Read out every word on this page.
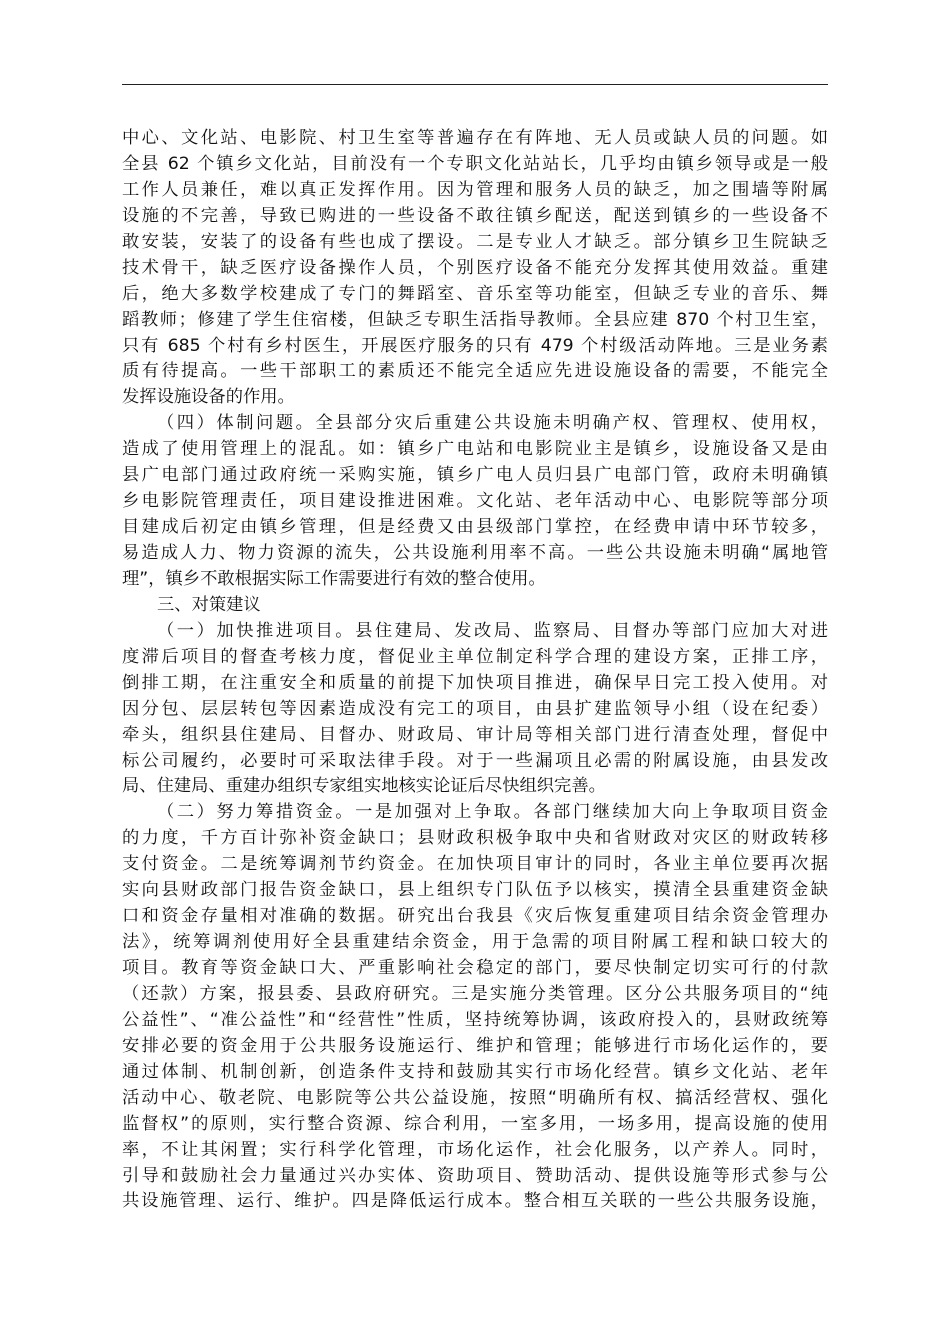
中心、文化站、电影院、村卫生室等普遍存在有阵地、无人员或缺人员的问题。如
全县 62 个镇乡文化站，目前没有一个专职文化站站长，几乎均由镇乡领导或是一般
工作人员兼任，难以真正发挥作用。因为管理和服务人员的缺乏，加之围墙等附属
设施的不完善，导致已购进的一些设备不敢往镇乡配送，配送到镇乡的一些设备不
敢安装，安装了的设备有些也成了摆设。二是专业人才缺乏。部分镇乡卫生院缺乏
技术骨干，缺乏医疗设备操作人员，个别医疗设备不能充分发挥其使用效益。重建
后，绝大多数学校建成了专门的舞蹈室、音乐室等功能室，但缺乏专业的音乐、舞
蹈教师；修建了学生住宿楼，但缺乏专职生活指导教师。全县应建 870 个村卫生室，
只有 685 个村有乡村医生，开展医疗服务的只有 479 个村级活动阵地。三是业务素
质有待提高。一些干部职工的素质还不能完全适应先进设施设备的需要，不能完全
发挥设施设备的作用。
（四）体制问题。全县部分灾后重建公共设施未明确产权、管理权、使用权，
造成了使用管理上的混乱。如：镇乡广电站和电影院业主是镇乡，设施设备又是由
县广电部门通过政府统一采购实施，镇乡广电人员归县广电部门管，政府未明确镇
乡电影院管理责任，项目建设推进困难。文化站、老年活动中心、电影院等部分项
目建成后初定由镇乡管理，但是经费又由县级部门掌控，在经费申请中环节较多，
易造成人力、物力资源的流失，公共设施利用率不高。一些公共设施未明确“属地管
理”，镇乡不敢根据实际工作需要进行有效的整合使用。
三、对策建议
（一）加快推进项目。县住建局、发改局、监察局、目督办等部门应加大对进
度滞后项目的督查考核力度，督促业主单位制定科学合理的建设方案，正排工序，
倒排工期，在注重安全和质量的前提下加快项目推进，确保早日完工投入使用。对
因分包、层层转包等因素造成没有完工的项目，由县扩建监领导小组（设在纪委）
牵头，组织县住建局、目督办、财政局、审计局等相关部门进行清查处理，督促中
标公司履约，必要时可采取法律手段。对于一些漏项且必需的附属设施，由县发改
局、住建局、重建办组织专家组实地核实论证后尽快组织完善。
（二）努力筹措资金。一是加强对上争取。各部门继续加大向上争取项目资金
的力度，千方百计弥补资金缺口；县财政积极争取中央和省财政对灾区的财政转移
支付资金。二是统筹调剂节约资金。在加快项目审计的同时，各业主单位要再次据
实向县财政部门报告资金缺口，县上组织专门队伍予以核实，摸清全县重建资金缺
口和资金存量相对准确的数据。研究出台我县《灾后恢复重建项目结余资金管理办
法》，统筹调剂使用好全县重建结余资金，用于急需的项目附属工程和缺口较大的
项目。教育等资金缺口大、严重影响社会稳定的部门，要尽快制定切实可行的付款
（还款）方案，报县委、县政府研究。三是实施分类管理。区分公共服务项目的“纯
公益性”、“准公益性”和“经营性”性质，坚持统筹协调，该政府投入的，县财政统筹
安排必要的资金用于公共服务设施运行、维护和管理；能够进行市场化运作的，要
通过体制、机制创新，创造条件支持和鼓励其实行市场化经营。镇乡文化站、老年
活动中心、敬老院、电影院等公共公益设施，按照“明确所有权、搞活经营权、强化
监督权”的原则，实行整合资源、综合利用，一室多用，一场多用，提高设施的使用
率，不让其闲置；实行科学化管理，市场化运作，社会化服务，以产养人。同时，
引导和鼓励社会力量通过兴办实体、资助项目、赞助活动、提供设施等形式参与公
共设施管理、运行、维护。四是降低运行成本。整合相互关联的一些公共服务设施，
